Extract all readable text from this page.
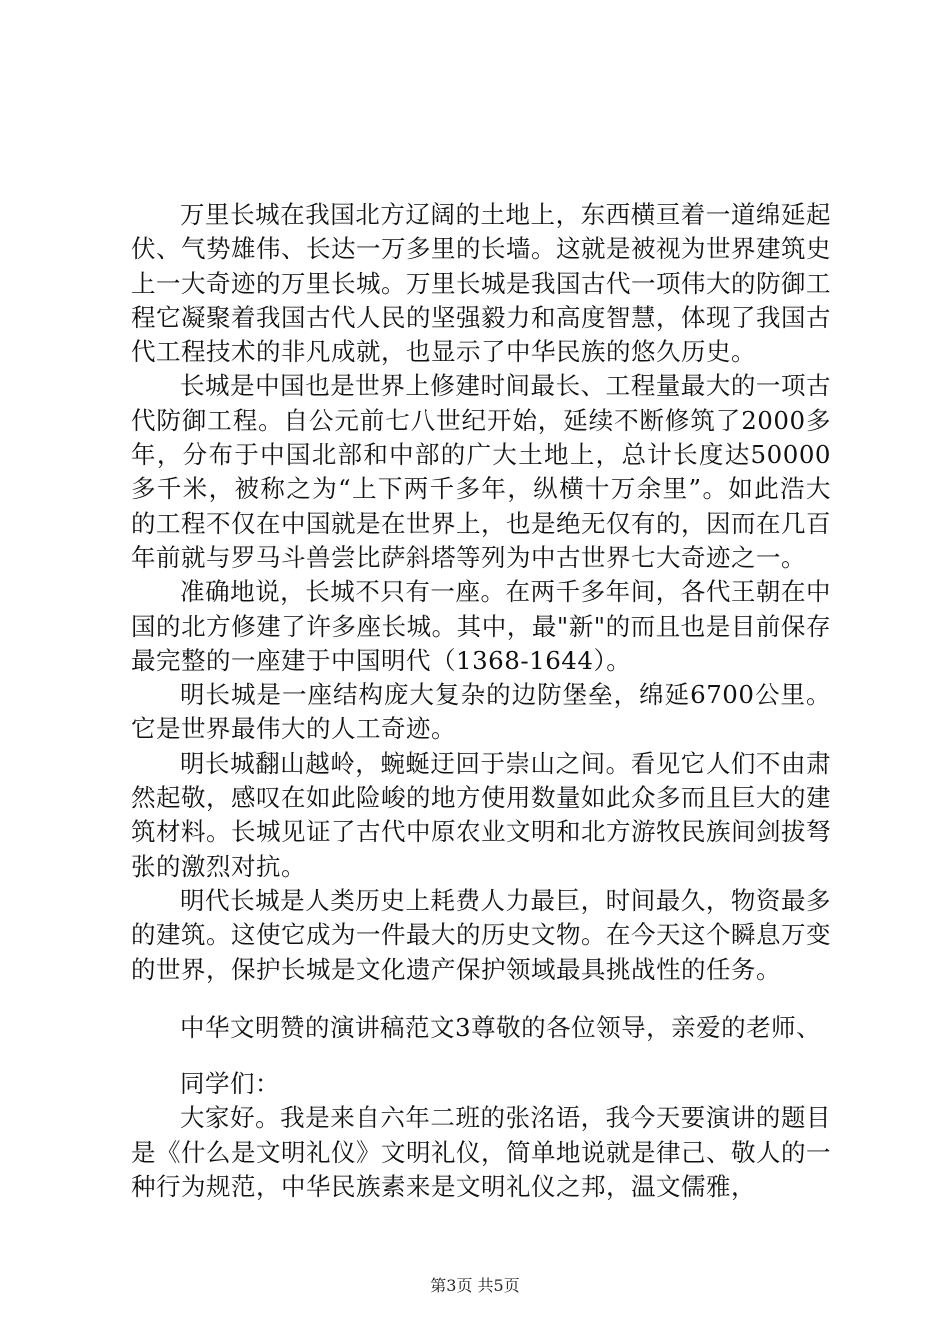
万里长城在我国北方辽阔的土地上，东西横亘着一道绵延起伏、气势雄伟、长达一万多里的长墙。这就是被视为世界建筑史上一大奇迹的万里长城。万里长城是我国古代一项伟大的防御工程它凝聚着我国古代人民的坚强毅力和高度智慧，体现了我国古代工程技术的非凡成就，也显示了中华民族的悠久历史。

长城是中国也是世界上修建时间最长、工程量最大的一项古代防御工程。自公元前七八世纪开始，延续不断修筑了2000多年，分布于中国北部和中部的广大土地上，总计长度达50000多千米，被称之为“上下两千多年，纵横十万余里”。如此浩大的工程不仅在中国就是在世界上，也是绝无仅有的，因而在几百年前就与罗马斗兽尝比萨斜塔等列为中古世界七大奇迹之一。

准确地说，长城不只有一座。在两千多年间，各代王朝在中国的北方修建了许多座长城。其中，最"新"的而且也是目前保存最完整的一座建于中国明代（1368-1644）。

明长城是一座结构庞大复杂的边防堡垒，绵延6700公里。它是世界最伟大的人工奇迹。

明长城翻山越岭，蜿蜒迂回于崇山之间。看见它人们不由肃然起敬，感叹在如此险峻的地方使用数量如此众多而且巨大的建筑材料。长城见证了古代中原农业文明和北方游牧民族间剑拔弩张的激烈对抗。

明代长城是人类历史上耗费人力最巨，时间最久，物资最多的建筑。这使它成为一件最大的历史文物。在今天这个瞬息万变的世界，保护长城是文化遗产保护领域最具挑战性的任务。

中华文明赞的演讲稿范文3尊敬的各位领导，亲爱的老师、

同学们：

大家好。我是来自六年二班的张洺语，我今天要演讲的题目是《什么是文明礼仪》文明礼仪，简单地说就是律己、敬人的一种行为规范，中华民族素来是文明礼仪之邦，温文儒雅，

第3页 共5页
